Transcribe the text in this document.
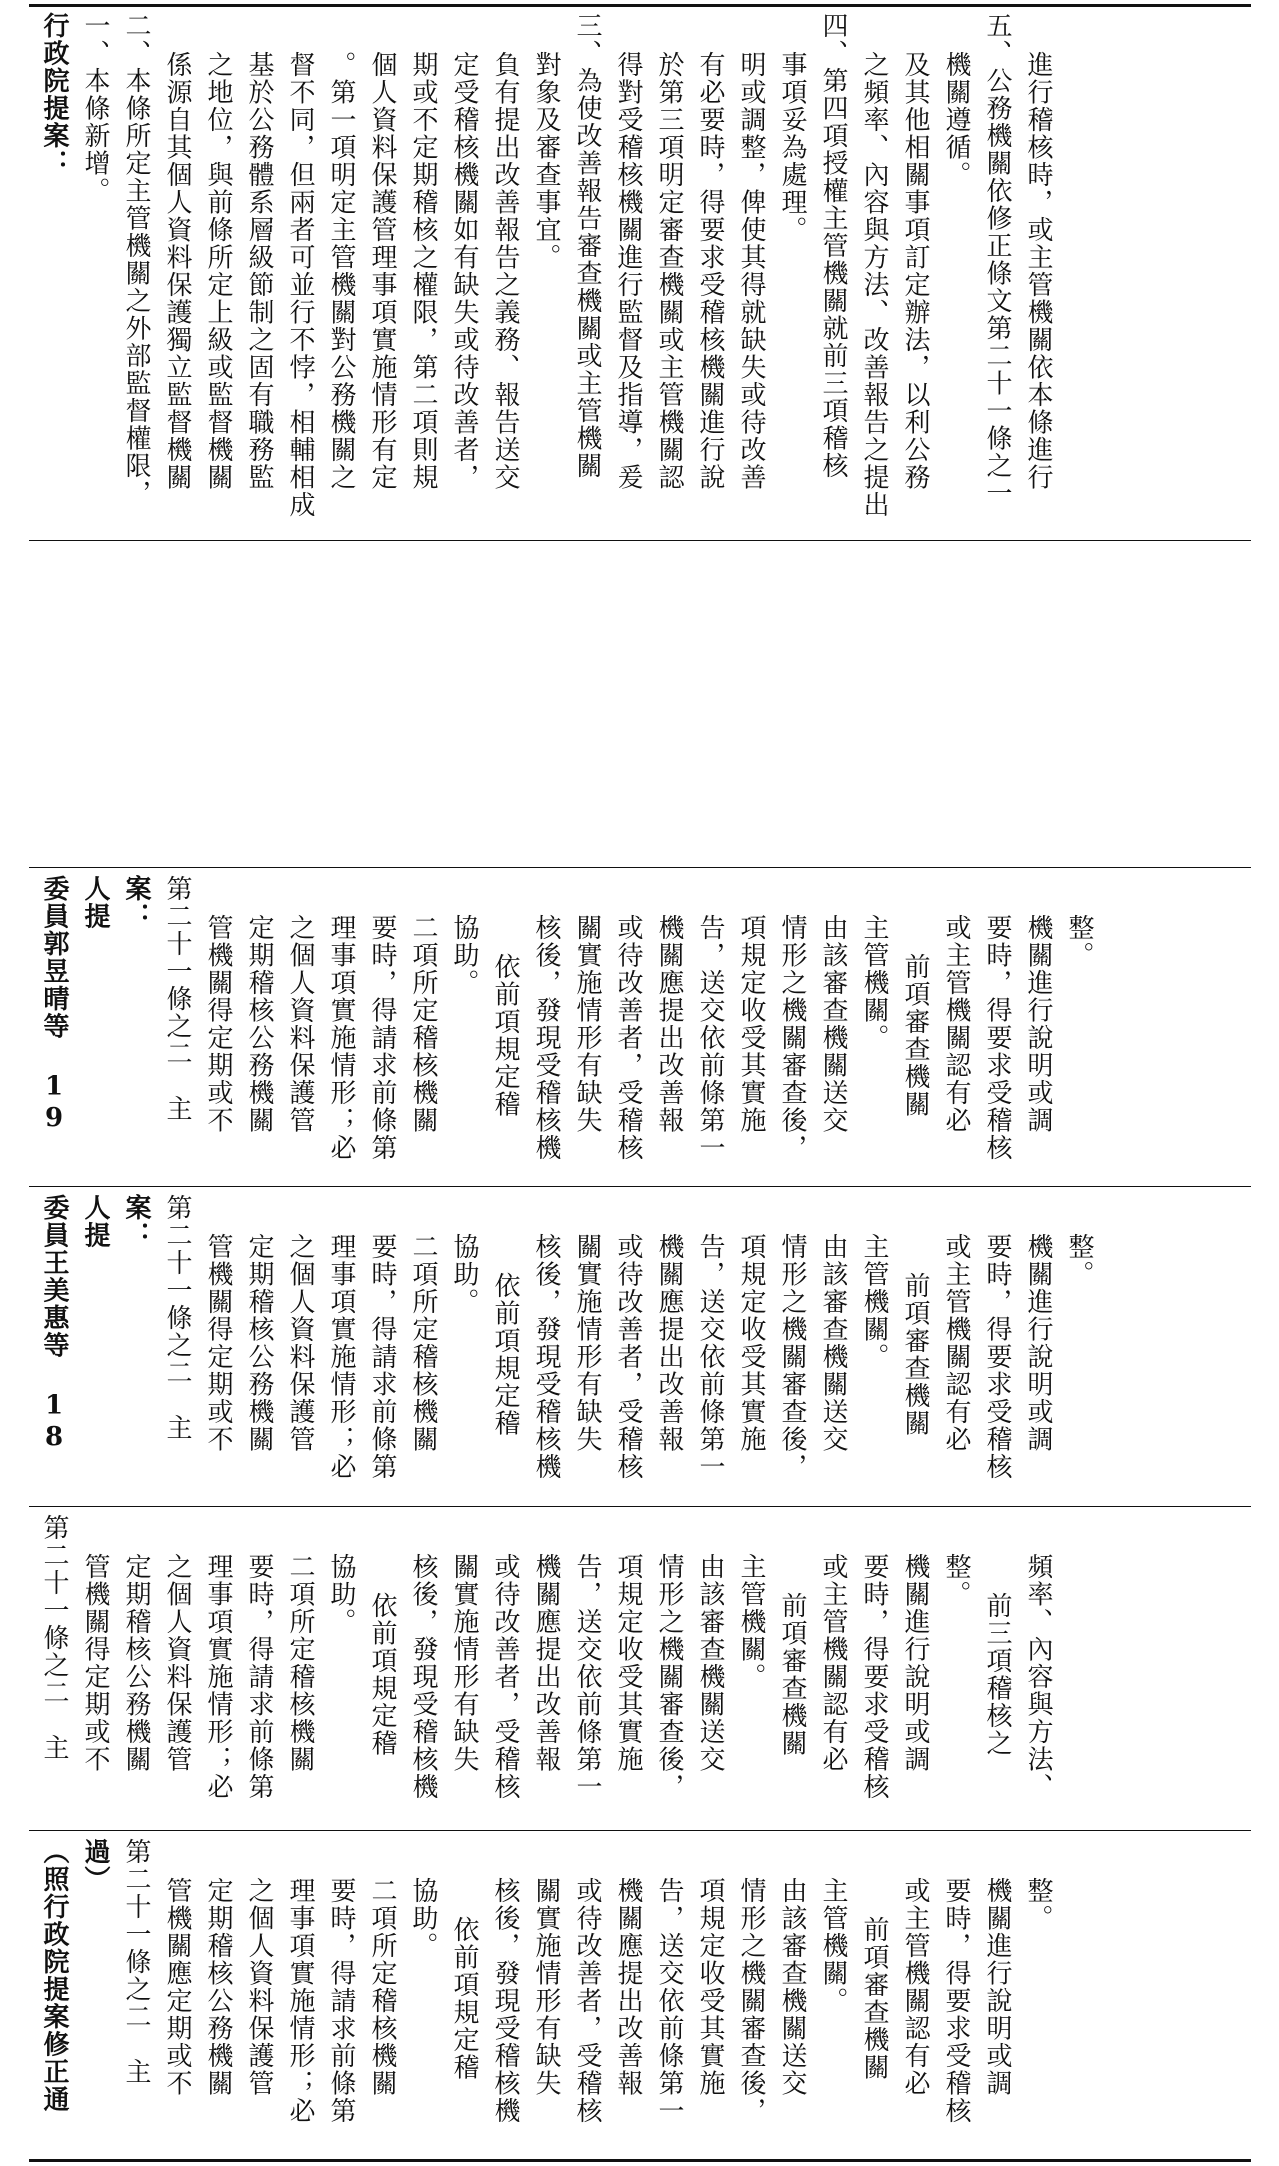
行政院提案： 一、本條新增。 二、本條所定主管機關之外部監督權限， 係源自其個人資料保護獨立監督機關 之地位，與前條所定上級或監督機關 基於公務體系層級節制之固有職務監 督不同，但兩者可並行不悖，相輔相成 。第一項明定主管機關對公務機關之 個人資料保護管理事項實施情形有定 期或不定期稽核之權限，第二項則規 定受稽核機關如有缺失或待改善者， 負有提出改善報告之義務、報告送交 對象及審查事宜。 三、為使改善報告審查機關或主管機關 得對受稽核機關進行監督及指導，爰 於第三項明定審查機關或主管機關認 有必要時，得要求受稽核機關進行說 明或調整，俾使其得就缺失或待改善 事項妥為處理。 四、第四項授權主管機關就前三項稽核 之頻率、內容與方法、改善報告之提出 及其他相關事項訂定辦法，以利公務 機關遵循。 五、公務機關依修正條文第二十一條之一 進行稽核時，或主管機關依本條進行
委員郭昱晴等 19 人提 案： 第二十一條之二　主 管機關得定期或不 定期稽核公務機關 之個人資料保護管 理事項實施情形；必 要時，得請求前條第 二項所定稽核機關 協助。 依前項規定稽 核後，發現受稽核機 關實施情形有缺失 或待改善者，受稽核 機關應提出改善報 告，送交依前條第一 項規定收受其實施 情形之機關審查後， 由該審查機關送交 主管機關。 前項審查機關 或主管機關認有必 要時，得要求受稽核 機關進行說明或調 整。
委員王美惠等 18 人提 案： 第二十一條之二　主 管機關得定期或不 定期稽核公務機關 之個人資料保護管 理事項實施情形；必 要時，得請求前條第 二項所定稽核機關 協助。 依前項規定稽 核後，發現受稽核機 關實施情形有缺失 或待改善者，受稽核 機關應提出改善報 告，送交依前條第一 項規定收受其實施 情形之機關審查後， 由該審查機關送交 主管機關。 前項審查機關 或主管機關認有必 要時，得要求受稽核 機關進行說明或調 整。
第二十一條之二　主 管機關得定期或不 定期稽核公務機關 之個人資料保護管 理事項實施情形；必 要時，得請求前條第 二項所定稽核機關 協助。 依前項規定稽 核後，發現受稽核機 關實施情形有缺失 或待改善者，受稽核 機關應提出改善報 告，送交依前條第一 項規定收受其實施 情形之機關審查後， 由該審查機關送交 主管機關。 前項審查機關 或主管機關認有必 要時，得要求受稽核 機關進行說明或調 整。
前三項稽核之 頻率、內容與方法、
（照行政院提案修正通 過） 第二十一條之二　主 管機關應定期或不 定期稽核公務機關 之個人資料保護管 理事項實施情形；必 要時，得請求前條第 二項所定稽核機關 協助。 依前項規定稽 核後，發現受稽核機 關實施情形有缺失 或待改善者，受稽核 機關應提出改善報 告，送交依前條第一 項規定收受其實施 情形之機關審查後， 由該審查機關送交 主管機關。 前項審查機關 或主管機關認有必 要時，得要求受稽核 機關進行說明或調 整。
